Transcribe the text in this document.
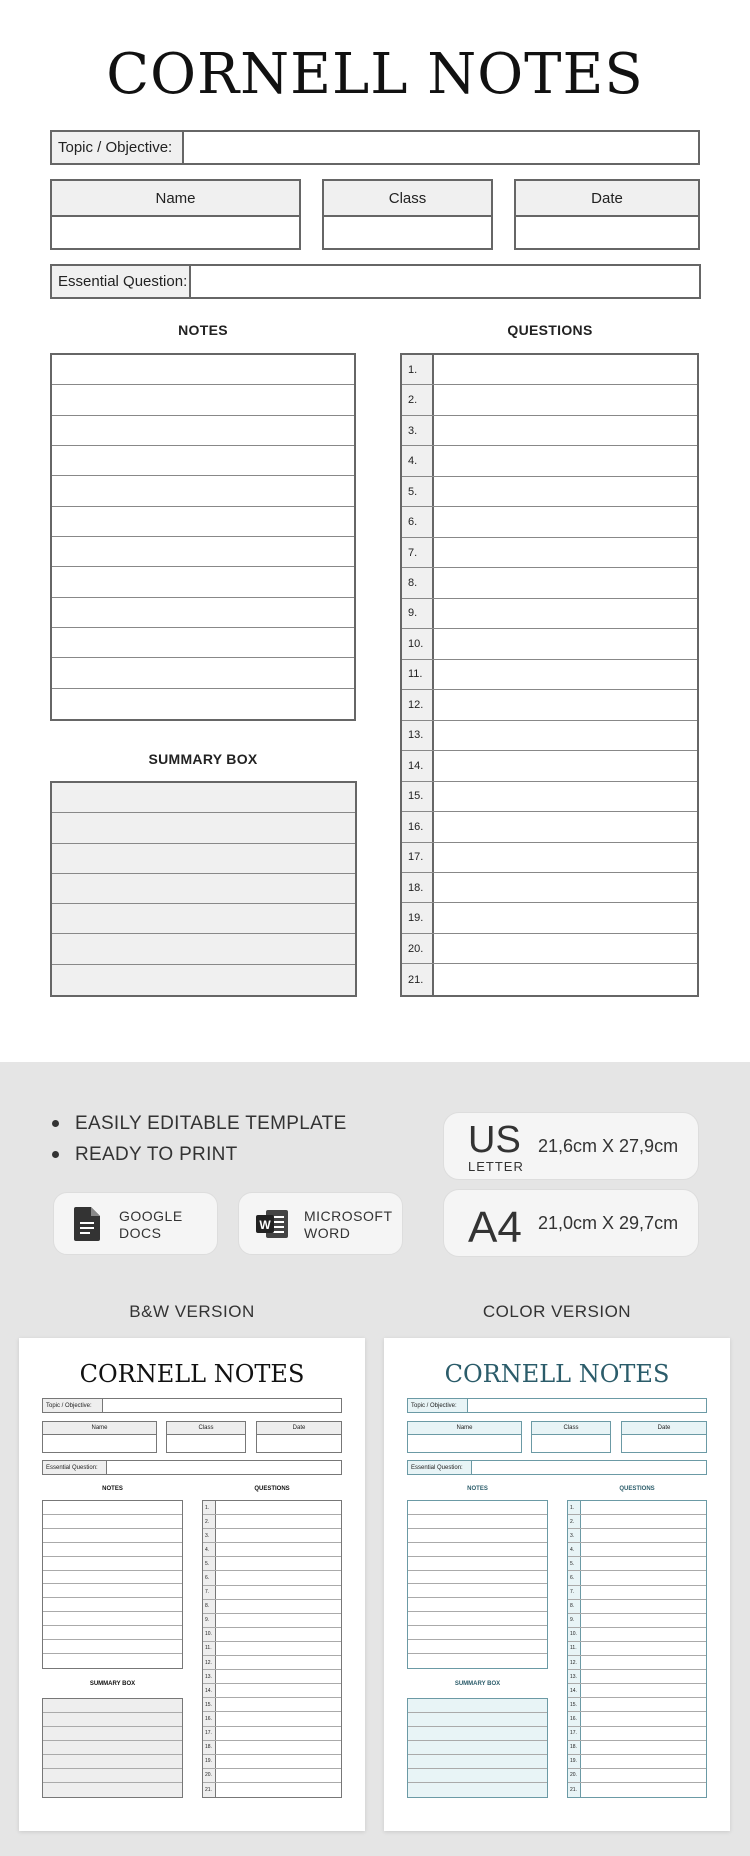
CORNELL NOTES
Topic / Objective:
Name	Class	Date
Essential Question:
NOTES	QUESTIONS
SUMMARY BOX
1.
2.
3.
4.
5.
6.
7.
8.
9.
10.
11.
12.
13.
14.
15.
16.
17.
18.
19.
20.
21.
EASILY EDITABLE TEMPLATE
READY TO PRINT
GOOGLE
DOCS	W
MICROSOFT
WORD
US
LETTER
21,6cm X 27,9cm
A4 21,0cm X 29,7cm
B&W VERSION	COLOR VERSION
CORNELL NOTES
Topic / Objective:
Name	Class	Date
Essential Question:
NOTES	QUESTIONS
SUMMARY BOX
1.
2.
3.
4.
5.
6.
7.
8.
9.
10.
11.
12.
13.
14.
15.
16.
17.
18.
19.
20.
21.
CORNELL NOTES
Topic / Objective:
Name	Class	Date
Essential Question:
NOTES	QUESTIONS
SUMMARY BOX
1.
2.
3.
4.
5.
6.
7.
8.
9.
10.
11.
12.
13.
14.
15.
16.
17.
18.
19.
20.
21.
